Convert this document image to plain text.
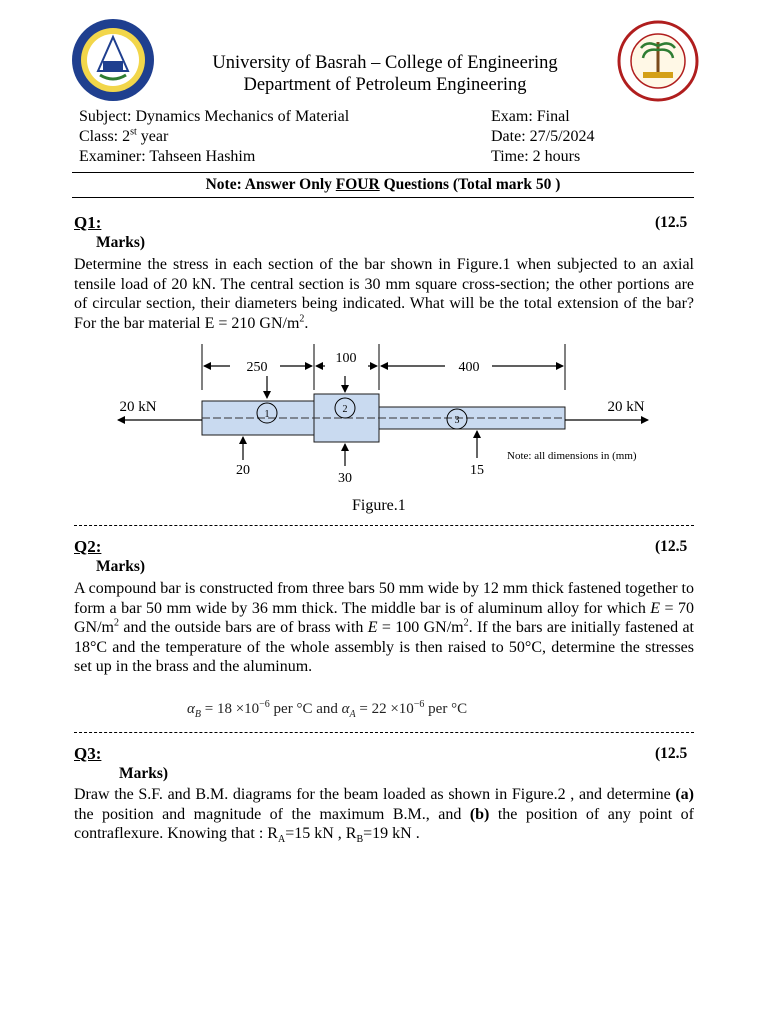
University of Basrah – College of Engineering
Department of Petroleum Engineering
Subject: Dynamics Mechanics of Material
Class: 2st year
Examiner: Tahseen Hashim
Exam: Final
Date: 27/5/2024
Time: 2 hours
Note: Answer Only FOUR Questions (Total mark 50 )
Q1:	(12.5
Marks)
Determine the stress in each section of the bar shown in Figure.1 when subjected to an axial tensile load of 20 kN. The central section is 30 mm square cross-section; the other portions are of circular section, their diameters being indicated. What will be the total extension of the bar? For the bar material E = 210 $GN/m^2$.
250
100
400
20 kN	20 kN
1	2
3
20
30
15
Note: all dimensions in (mm)
Figure.1
Q2:	(12.5
Marks)
A compound bar is constructed from three bars 50 mm wide by 12 mm thick fastened together to form a bar 50 mm wide by 36 mm thick. The middle bar is of aluminum alloy for which E = 70 $GN/m^2$ and the outside bars are of brass with E = 100 $GN/m^2$. If the bars are initially fastened at 18°C and the temperature of the whole assembly is then raised to 50°C, determine the stresses set up in the brass and the aluminum.
$\alpha_B = 18 \times 10^{-6}$ per °C and $\alpha_A = 22 \times 10^{-6}$ per °C
Q3:	(12.5
Marks)
Draw the S.F. and B.M. diagrams for the beam loaded as shown in Figure.2 , and determine (a) the position and magnitude of the maximum B.M., and (b) the position of any point of contraflexure. Knowing that : $R_A=15$ kN , $R_B=19$ kN .
